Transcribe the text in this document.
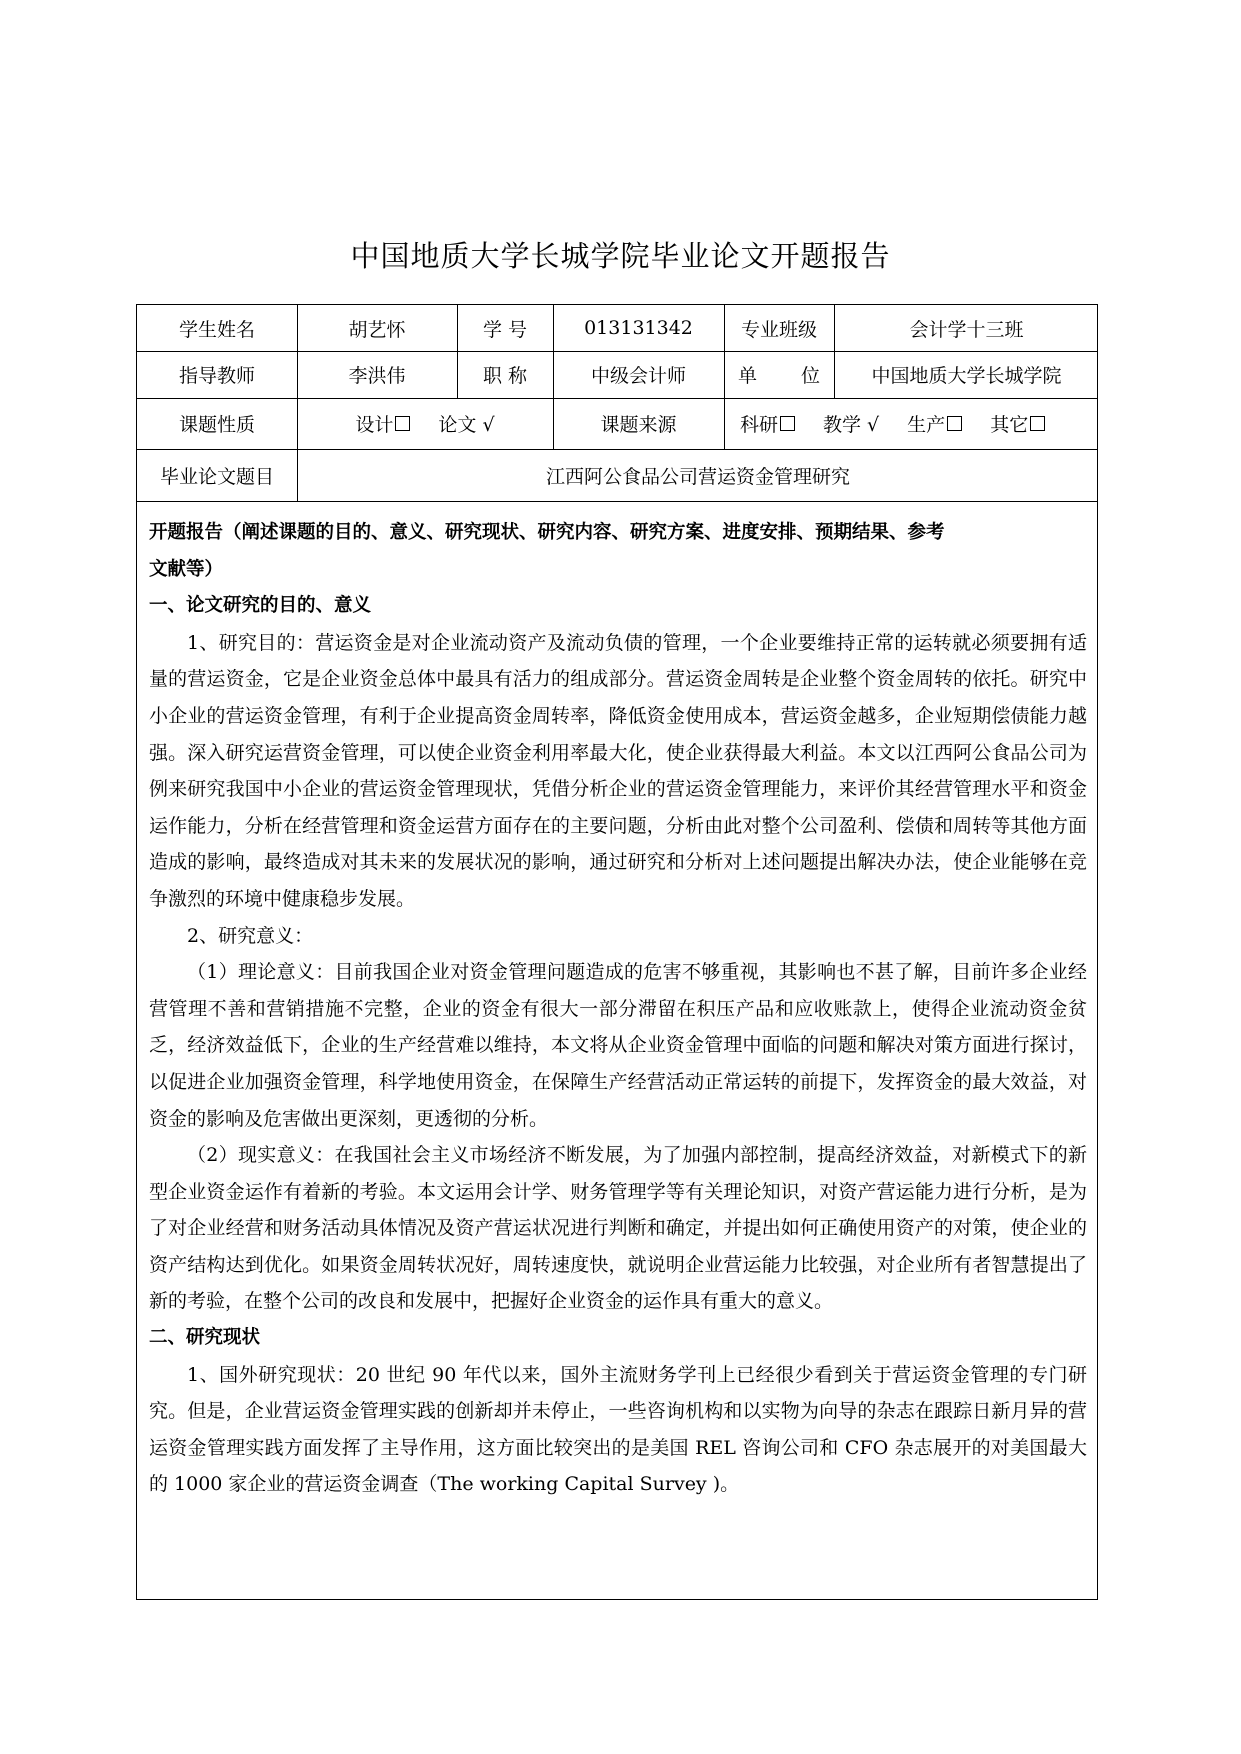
中国地质大学长城学院毕业论文开题报告
学生姓名	胡艺怀	学 号	013131342	专业班级	会计学十三班
指导教师	李洪伟	职 称	中级会计师	单 位	中国地质大学长城学院
课题性质	设计 论文 √	课题来源	科研 教学 √ 生产 其它
毕业论文题目	江西阿公食品公司营运资金管理研究

开题报告（阐述课题的目的、意义、研究现状、研究内容、研究方案、进度安排、预期结果、参考

文献等）

一、论文研究的目的、意义

1、研究目的：营运资金是对企业流动资产及流动负债的管理，一个企业要维持正常的运转就必须要拥有适量的营运资金，它是企业资金总体中最具有活力的组成部分。营运资金周转是企业整个资金周转的依托。研究中小企业的营运资金管理，有利于企业提高资金周转率，降低资金使用成本，营运资金越多，企业短期偿债能力越强。深入研究运营资金管理，可以使企业资金利用率最大化，使企业获得最大利益。本文以江西阿公食品公司为例来研究我国中小企业的营运资金管理现状，凭借分析企业的营运资金管理能力，来评价其经营管理水平和资金运作能力，分析在经营管理和资金运营方面存在的主要问题，分析由此对整个公司盈利、偿债和周转等其他方面造成的影响，最终造成对其未来的发展状况的影响，通过研究和分析对上述问题提出解决办法，使企业能够在竞争激烈的环境中健康稳步发展。

2、研究意义：

（1）理论意义：目前我国企业对资金管理问题造成的危害不够重视，其影响也不甚了解，目前许多企业经营管理不善和营销措施不完整，企业的资金有很大一部分滞留在积压产品和应收账款上，使得企业流动资金贫乏，经济效益低下，企业的生产经营难以维持，本文将从企业资金管理中面临的问题和解决对策方面进行探讨，以促进企业加强资金管理，科学地使用资金，在保障生产经营活动正常运转的前提下，发挥资金的最大效益，对资金的影响及危害做出更深刻，更透彻的分析。

（2）现实意义：在我国社会主义市场经济不断发展，为了加强内部控制，提高经济效益，对新模式下的新型企业资金运作有着新的考验。本文运用会计学、财务管理学等有关理论知识，对资产营运能力进行分析，是为了对企业经营和财务活动具体情况及资产营运状况进行判断和确定，并提出如何正确使用资产的对策，使企业的资产结构达到优化。如果资金周转状况好，周转速度快，就说明企业营运能力比较强，对企业所有者智慧提出了新的考验，在整个公司的改良和发展中，把握好企业资金的运作具有重大的意义。

二、研究现状

1、国外研究现状：20 世纪 90 年代以来，国外主流财务学刊上已经很少看到关于营运资金管理的专门研究。但是，企业营运资金管理实践的创新却并未停止，一些咨询机构和以实物为向导的杂志在跟踪日新月异的营运资金管理实践方面发挥了主导作用，这方面比较突出的是美国 REL 咨询公司和 CFO 杂志展开的对美国最大的 1000 家企业的营运资金调查（The working Capital Survey )。
